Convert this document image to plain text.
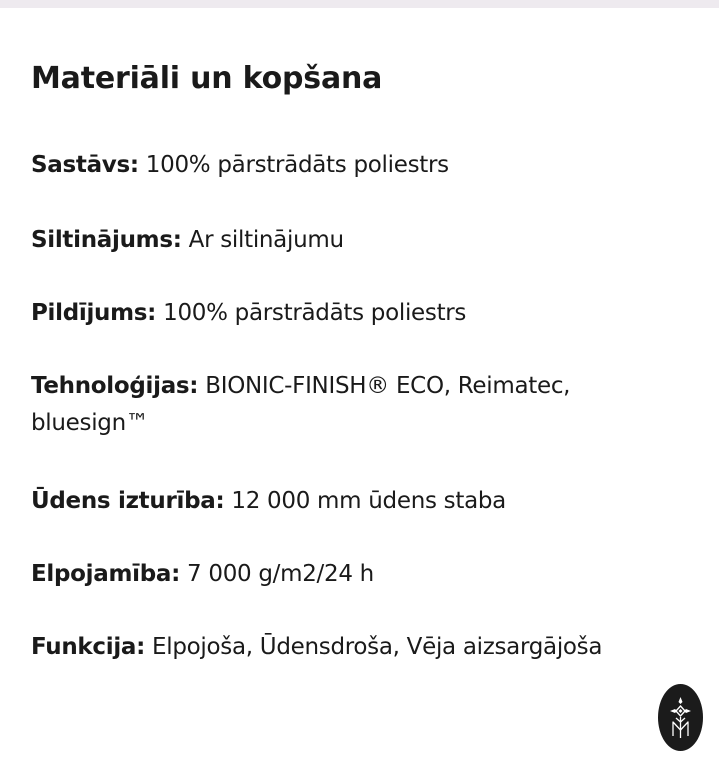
Materiāli un kopšana
Sastāvs: 100% pārstrādāts poliestrs
Siltinājums: Ar siltinājumu
Pildījums: 100% pārstrādāts poliestrs
Tehnoloģijas: BIONIC-FINISH® ECO, Reimatec, bluesign™
Ūdens izturība: 12 000 mm ūdens staba
Elpojamība: 7 000 g/m2/24 h
Funkcija: Elpojoša, Ūdensdroša, Vēja aizsargājoša
